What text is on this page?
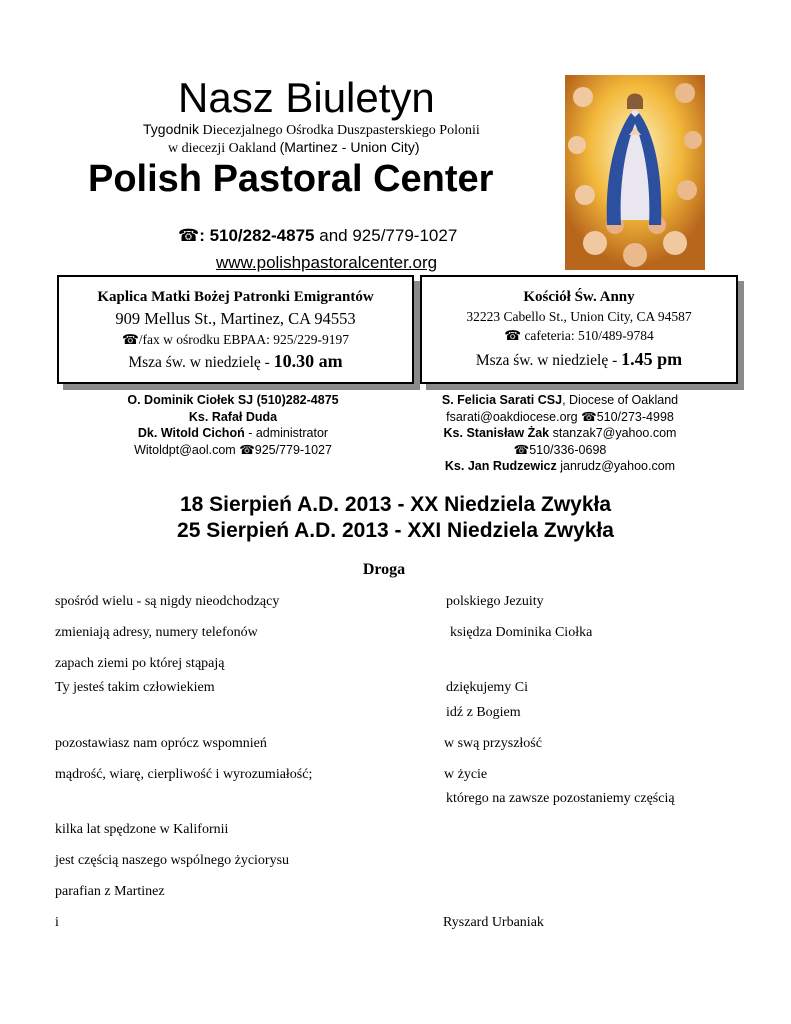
Nasz Biuletyn
Tygodnik Diecezjalnego Ośrodka Duszpasterskiego Polonii
w diecezji Oakland (Martinez - Union City)
Polish Pastoral Center
☎: 510/282-4875 and 925/779-1027
www.polishpastoralcenter.org
Kaplica Matki Bożej Patronki Emigrantów
909 Mellus St., Martinez, CA 94553
☎/fax w ośrodku EBPAA: 925/229-9197
Msza św. w niedzielę - 10.30 am
Kościół Św. Anny
32223 Cabello St., Union City, CA 94587
☎ cafeteria: 510/489-9784
Msza św. w niedzielę - 1.45 pm
O. Dominik Ciołek SJ (510)282-4875
Ks. Rafał Duda
Dk. Witold Cichoń - administrator
Witoldpt@aol.com ☎925/779-1027
S. Felicia Sarati CSJ, Diocese of Oakland
fsarati@oakdiocese.org ☎510/273-4998
Ks. Stanisław Żak stanzak7@yahoo.com
☎510/336-0698
Ks. Jan Rudzewicz janrudz@yahoo.com
18 Sierpień A.D. 2013 - XX Niedziela Zwykła
25 Sierpień A.D. 2013 - XXI Niedziela Zwykła
Droga
spośród wielu - są nigdy nieodchodzący
zmieniają adresy, numery telefonów
zapach ziemi po której stąpają
Ty jesteś takim człowiekiem
pozostawiasz nam oprócz wspomnień
mądrość, wiarę, cierpliwość i wyrozumiałość;
kilka lat spędzone w Kalifornii
jest częścią naszego wspólnego życiorysu
parafian z Martinez
i
polskiego Jezuity
księdza Dominika Ciołka
dziękujemy Ci
idź z Bogiem
w swą przyszłość
w życie
którego na zawsze pozostaniemy częścią
Ryszard Urbaniak
